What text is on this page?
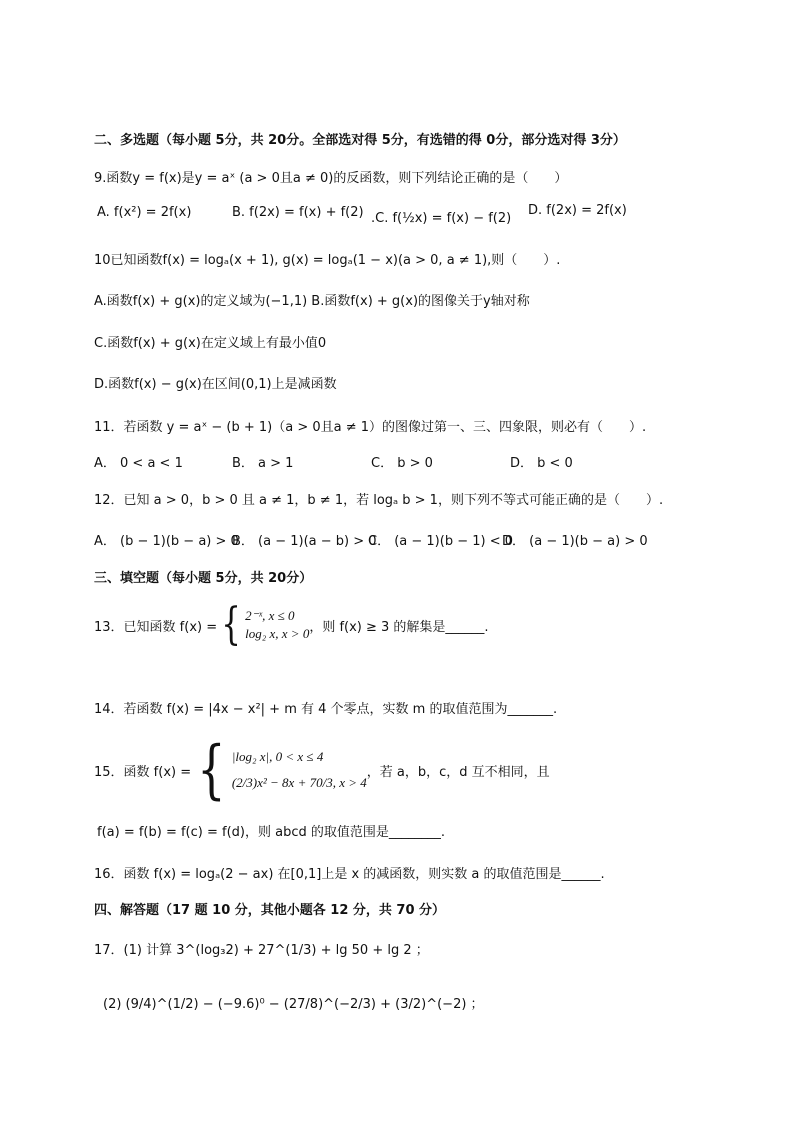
二、多选题（每小题 5分，共 20分。全部选对得 5分，有选错的得 0分，部分选对得 3分）
9.函数y = f(x)是y = aˣ (a > 0且a ≠ 0)的反函数，则下列结论正确的是（　　）
A. f(x²) = 2f(x)	B. f(2x) = f(x) + f(2) .C. f(½x) = f(x) − f(2)
D. f(2x) = 2f(x)
10已知函数f(x) = logₐ(x + 1), g(x) = logₐ(1 − x)(a > 0, a ≠ 1),则（　　）.
A.函数f(x) + g(x)的定义域为(−1,1) B.函数f(x) + g(x)的图像关于y轴对称
C.函数f(x) + g(x)在定义域上有最小值0
D.函数f(x) − g(x)在区间(0,1)上是减函数
11．若函数 y = aˣ − (b + 1)（a > 0且a ≠ 1）的图像过第一、三、四象限，则必有（　　）.
A． 0 < a < 1	B． a > 1	C． b > 0	D． b < 0
12．已知 a > 0，b > 0 且 a ≠ 1，b ≠ 1，若 logₐ b > 1，则下列不等式可能正确的是（　　）.
A． (b − 1)(b − a) > 0
B． (a − 1)(a − b) > 0
C． (a − 1)(b − 1) < 0
D． (a − 1)(b − a) > 0
三、填空题（每小题 5分，共 20分）
13．已知函数 f(x) = { 2⁻ˣ, x ≤ 0
log₂ x, x > 0 ，则 f(x) ≥ 3 的解集是______.
14．若函数 f(x) = |4x − x²| + m 有 4 个零点，实数 m 的取值范围为_______.
15．函数 f(x) = { |log₂ x|, 0 < x ≤ 4
(2/3)x² − 8x + 70/3, x > 4
，若 a，b，c，d 互不相同，且
f(a) = f(b) = f(c) = f(d)，则 abcd 的取值范围是________.
16．函数 f(x) = logₐ(2 − ax) 在[0,1]上是 x 的减函数，则实数 a 的取值范围是______.
四、解答题（17 题 10 分，其他小题各 12 分，共 70 分）
17．(1) 计算 3^(log₃2) + 27^(1/3) + lg 50 + lg 2 ；
(2) (9/4)^(1/2) − (−9.6)⁰ − (27/8)^(−2/3) + (3/2)^(−2) ；
